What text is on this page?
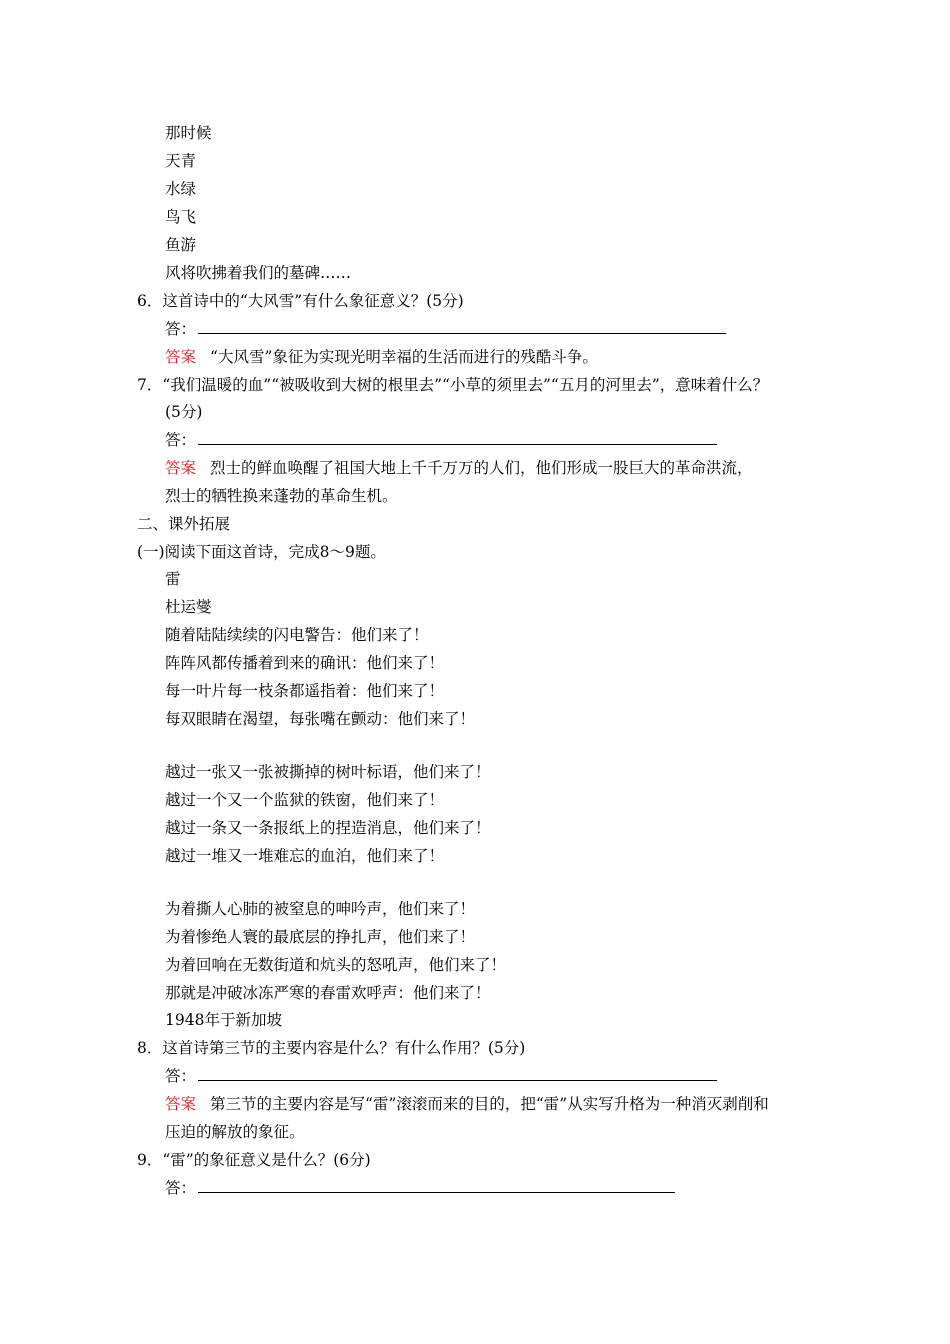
那时候
天青
水绿
鸟飞
鱼游
风将吹拂着我们的墓碑……
6．这首诗中的“大风雪”有什么象征意义？(5分)
答：
答案 “大风雪”象征为实现光明幸福的生活而进行的残酷斗争。
7．“我们温暖的血”“被吸收到大树的根里去”“小草的须里去”“五月的河里去”，意味着什么？
(5分)
答：
答案 烈士的鲜血唤醒了祖国大地上千千万万的人们，他们形成一股巨大的革命洪流，
烈士的牺牲换来蓬勃的革命生机。
二、课外拓展
(一)阅读下面这首诗，完成8～9题。
雷
杜运燮
随着陆陆续续的闪电警告：他们来了！
阵阵风都传播着到来的确讯：他们来了！
每一叶片每一枝条都遥指着：他们来了！
每双眼睛在渴望，每张嘴在颤动：他们来了！
越过一张又一张被撕掉的树叶标语，他们来了！
越过一个又一个监狱的铁窗，他们来了！
越过一条又一条报纸上的捏造消息，他们来了！
越过一堆又一堆难忘的血泊，他们来了！
为着撕人心肺的被窒息的呻吟声，他们来了！
为着惨绝人寰的最底层的挣扎声，他们来了！
为着回响在无数街道和炕头的怒吼声，他们来了！
那就是冲破冰冻严寒的春雷欢呼声：他们来了！
1948年于新加坡
8．这首诗第三节的主要内容是什么？有什么作用？(5分)
答：
答案 第三节的主要内容是写“雷”滚滚而来的目的，把“雷”从实写升格为一种消灭剥削和
压迫的解放的象征。
9．“雷”的象征意义是什么？(6分)
答：
